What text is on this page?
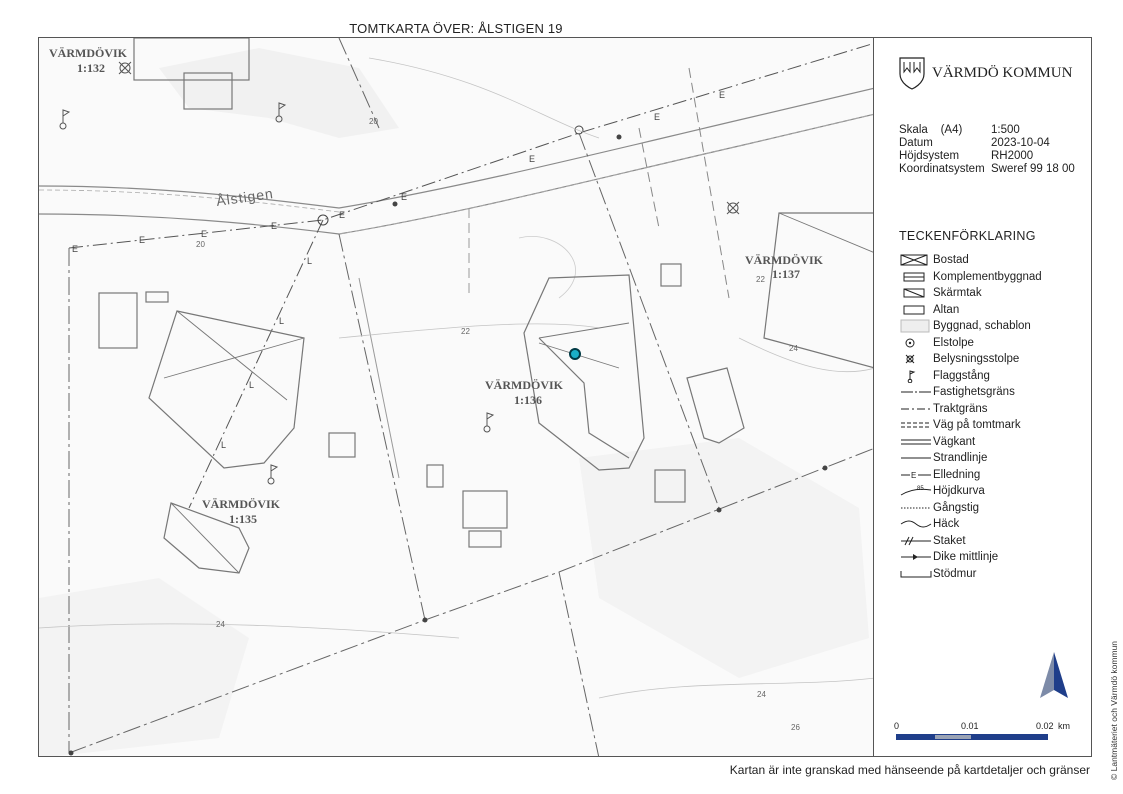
TOMTKARTA ÖVER: ÅLSTIGEN 19
E
E
E
E
E
E
E
E
E
L
L
L
L
Ålstigen
VÄRMDÖVIK
1:132
VÄRMDÖVIK
1:137
VÄRMDÖVIK
1:136
VÄRMDÖVIK
1:135
20
20
22
22
24
24
24
26
VÄRMDÖ KOMMUN
Skala (A4)	1:500
Datum	2023-10-04
Höjdsystem	RH2000
Koordinatsystem Sweref 99 18 00
TECKENFÖRKLARING
Bostad
Komplementbyggnad
Skärmtak
Altan
Byggnad, schablon
Elstolpe
Belysningsstolpe
Flaggstång
Fastighetsgräns
Traktgräns
Väg på tomtmark
Vägkant
Strandlinje
E Elledning
85 Höjdkurva
Gångstig
Häck
Staket
Dike mittlinje
Stödmur
0	0.01	0.02 km	© Lantmäteriet och Värmdö kommun
Kartan är inte granskad med hänseende på kartdetaljer och gränser
